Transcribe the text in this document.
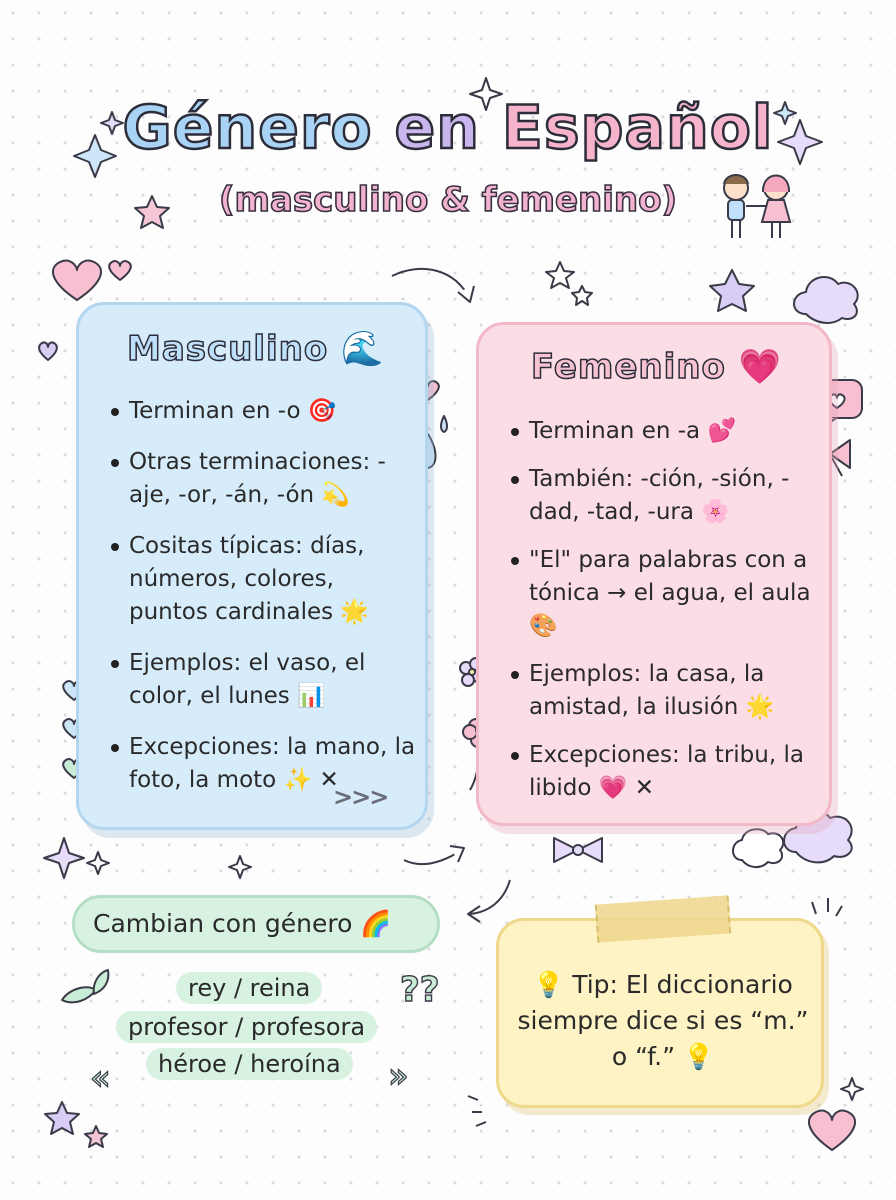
Género en Español
(masculino & femenino)
Masculino 🌊
Terminan en -o 🎯
Otras terminaciones: -aje, -or, -án, -ón 💫
Cositas típicas: días, números, colores, puntos cardinales 🌟
Ejemplos: el vaso, el color, el lunes 📊
Excepciones: la mano, la foto, la moto ✨ ✕
>>>
Femenino 💗
Terminan en -a 💕
También: -ción, -sión, -dad, -tad, -ura 🌸
"El" para palabras con a tónica → el agua, el aula 🎨
Ejemplos: la casa, la amistad, la ilusión 🌟
Excepciones: la tribu, la libido 💗 ✕
Cambian con género 🌈
rey / reina
profesor / profesora
héroe / heroína
??
«	»
💡 Tip: El diccionario siempre dice si es “m.” o “f.” 💡
